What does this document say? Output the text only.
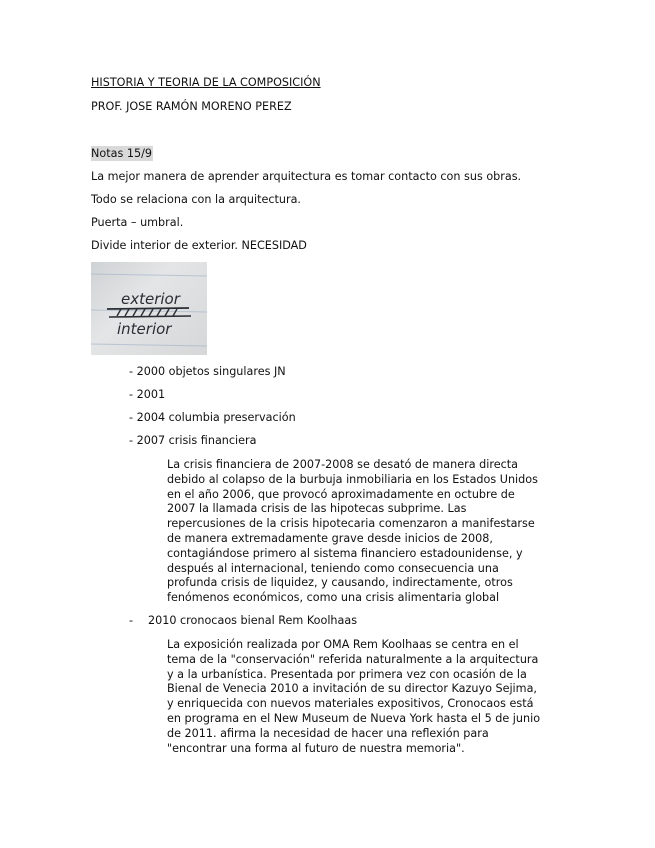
HISTORIA Y TEORIA DE LA COMPOSICIÓN
PROF. JOSE RAMÓN MORENO PEREZ
Notas 15/9
La mejor manera de aprender arquitectura es tomar contacto con sus obras.
Todo se relaciona con la arquitectura.
Puerta – umbral.
Divide interior de exterior. NECESIDAD
exterior
interior
- 2000 objetos singulares JN
- 2001
- 2004 columbia preservación
- 2007 crisis financiera
La crisis financiera de 2007-2008 se desató de manera directa
debido al colapso de la burbuja inmobiliaria en los Estados Unidos
en el año 2006, que provocó aproximadamente en octubre de
2007 la llamada crisis de las hipotecas subprime. Las
repercusiones de la crisis hipotecaria comenzaron a manifestarse
de manera extremadamente grave desde inicios de 2008,
contagiándose primero al sistema financiero estadounidense, y
después al internacional, teniendo como consecuencia una
profunda crisis de liquidez, y causando, indirectamente, otros
fenómenos económicos, como una crisis alimentaria global
- 2010 cronocaos bienal Rem Koolhaas
La exposición realizada por OMA Rem Koolhaas se centra en el
tema de la "conservación" referida naturalmente a la arquitectura
y a la urbanística. Presentada por primera vez con ocasión de la
Bienal de Venecia 2010 a invitación de su director Kazuyo Sejima,
y enriquecida con nuevos materiales expositivos, Cronocaos está
en programa en el New Museum de Nueva York hasta el 5 de junio
de 2011. afirma la necesidad de hacer una reflexión para
"encontrar una forma al futuro de nuestra memoria".
